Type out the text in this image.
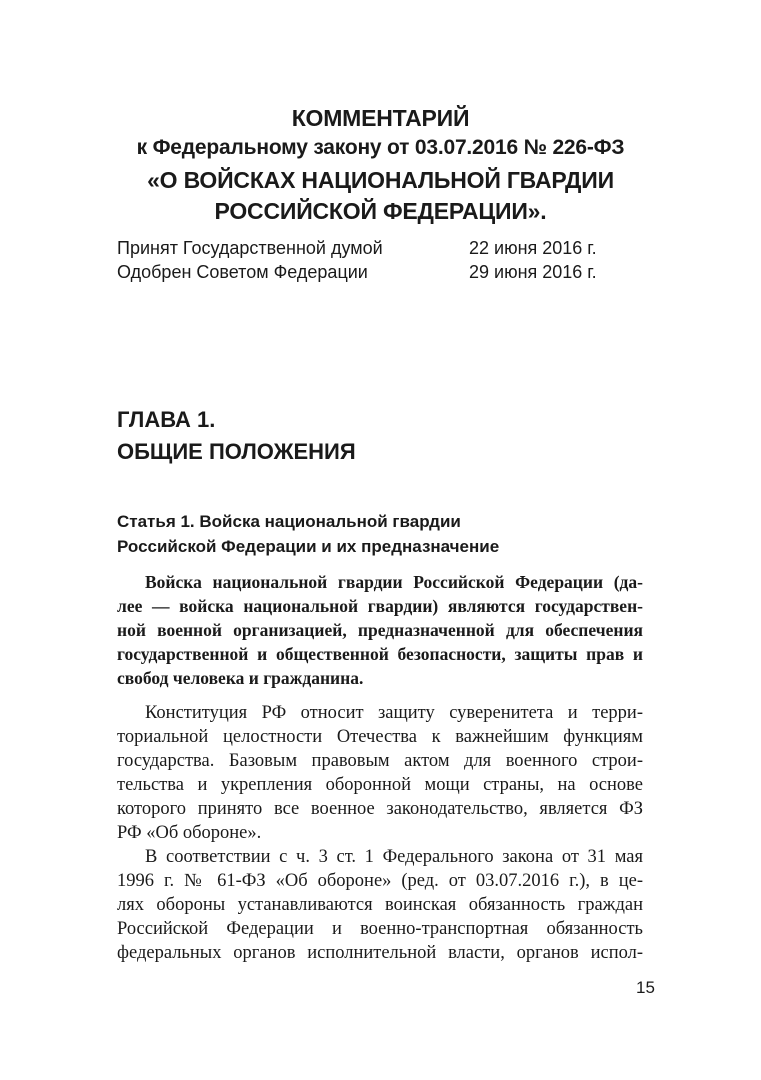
КОММЕНТАРИЙ
к Федеральному закону от 03.07.2016 № 226-ФЗ
«О ВОЙСКАХ НАЦИОНАЛЬНОЙ ГВАРДИИ
РОССИЙСКОЙ ФЕДЕРАЦИИ».
Принят Государственной думой	22 июня 2016 г.
Одобрен Советом Федерации	29 июня 2016 г.
ГЛАВА 1.
ОБЩИЕ ПОЛОЖЕНИЯ
Статья 1. Войска национальной гвардии
Российской Федерации и их предназначение
Войска национальной гвардии Российской Федерации (да-
лее — войска национальной гвардии) являются государствен-
ной военной организацией, предназначенной для обеспечения
государственной и общественной безопасности, защиты прав и
свобод человека и гражданина.
Конституция РФ относит защиту суверенитета и терри-
ториальной целостности Отечества к важнейшим функциям
государства. Базовым правовым актом для военного строи-
тельства и укрепления оборонной мощи страны, на основе
которого принято все военное законодательство, является ФЗ
РФ «Об обороне».
В соответствии с ч. 3 ст. 1 Федерального закона от 31 мая
1996 г. № 61-ФЗ «Об обороне» (ред. от 03.07.2016 г.), в це-
лях обороны устанавливаются воинская обязанность граждан
Российской Федерации и военно-транспортная обязанность
федеральных органов исполнительной власти, органов испол-
15
